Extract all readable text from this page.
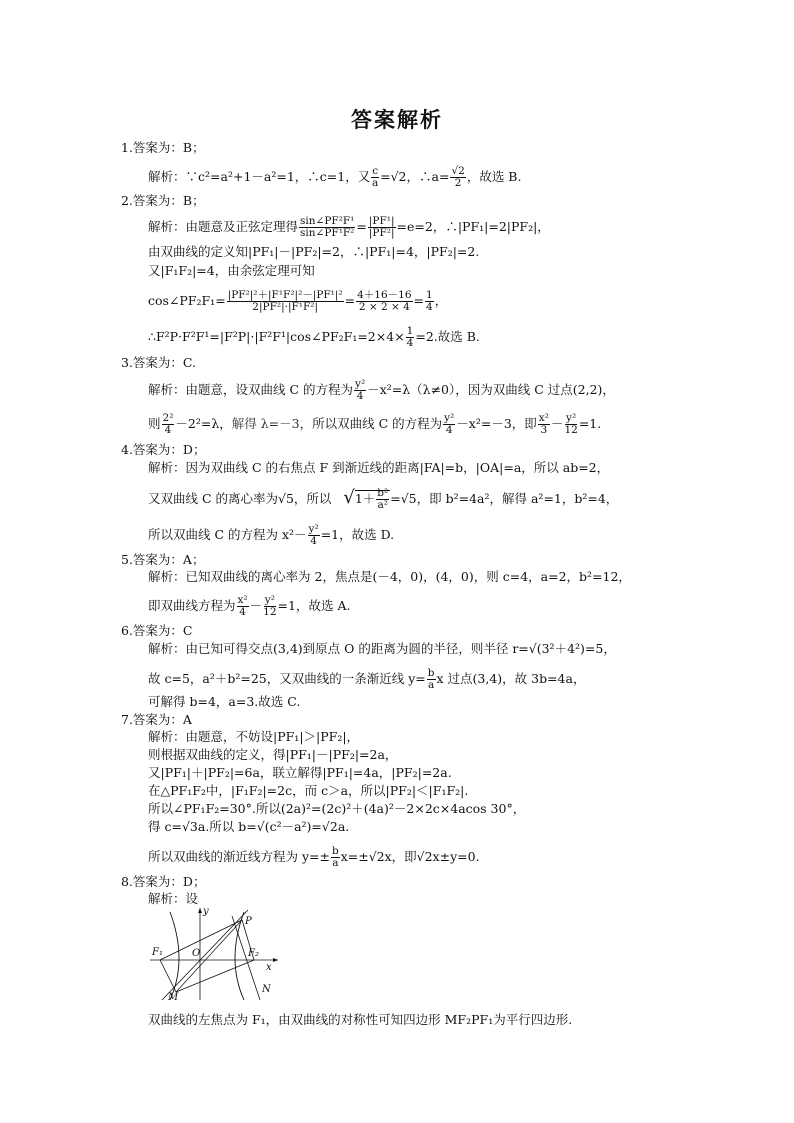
答案解析
1.答案为：B；
解析：∵c²=a²+1－a²=1，∴c=1，又 $\frac{c}{a} =√2$，∴a= $\frac{√2}{2}$ ，故选 B.
2.答案为：B；
解析：由题意及正弦定理得 $\frac{\text{sin∠PF²F¹}}{\text{sin∠PF¹F²}} = \frac{\text{|PF¹|}}{\text{|PF²|}} =e=2$，∴|PF₁|=2|PF₂|，
由双曲线的定义知|PF₁|－|PF₂|=2，∴|PF₁|=4，|PF₂|=2.
又|F₁F₂|=4，由余弦定理可知
cos∠PF₂F₁= $\frac{\text{|PF²|²＋|F¹F²|²－|PF¹|²}}{\text{2|PF²|·|F¹F²|}} = \frac{4+16-16}{2 \times 2 \times 4} = \frac{1}{4}$ ，
∴F²P·F²F¹=|F²P|·|F²F¹|cos∠PF₂F₁=2×4× $\frac{1}{4} =2$.故选 B.
3.答案为：C.
解析：由题意，设双曲线 C 的方程为 $\frac{\text{y²}}{4} -x^2=\lambda(\lambda\ne 0)$，因为双曲线 C 过点(2,2)，
则 $\frac{\text{2²}}{4} -2^2=\lambda$，解得 λ=－3，所以双曲线 C 的方程为 $\frac{\text{y²}}{4} -x^2=-3$，即 $\frac{\text{x²}}{3} - \frac{\text{y²}}{12} =1$.
4.答案为：D；
解析：因为双曲线 C 的右焦点 F 到渐近线的距离|FA|=b，|OA|=a，所以 ab=2，
又双曲线 C 的离心率为√5，所以 $√1+ \frac{\text{b²}}{\text{a²}} =√5$，即 b²=4a²，解得 a²=1，b²=4，
所以双曲线 C 的方程为 $x^2- \frac{\text{y²}}{4} =1$，故选 D.
5.答案为：A；
解析：已知双曲线的离心率为 2，焦点是(－4，0)，(4，0)，则 c=4，a=2，b²=12，
即双曲线方程为 $\frac{\text{x²}}{4} - \frac{\text{y²}}{12} =1$，故选 A.
6.答案为：C
解析：由已知可得交点(3,4)到原点 O 的距离为圆的半径，则半径 r=√(3²＋4²)=5，
故 c=5，a²＋b²=25，又双曲线的一条渐近线 $y= \frac{b}{a}$ x 过点(3,4)，故 3b=4a，
可解得 b=4，a=3.故选 C.
7.答案为：A
解析：由题意，不妨设|PF₁|＞|PF₂|，
则根据双曲线的定义，得|PF₁|－|PF₂|=2a，
又|PF₁|＋|PF₂|=6a，联立解得|PF₁|=4a，|PF₂|=2a.
在△PF₁F₂中，|F₁F₂|=2c，而 c＞a，所以|PF₂|＜|F₁F₂|.
所以∠PF₁F₂=30°.所以(2a)²=(2c)²＋(4a)²－2×2c×4acos 30°，
得 c=√3a.所以 b=√(c²－a²)=√2a.
所以双曲线的渐近线方程为 $y=\pm \frac{b}{a} x=\pm√2x$，即√2x±y=0.
8.答案为：D；
解析：设
y
P
F₁	O	F₂
x
M
N
双曲线的左焦点为 F₁，由双曲线的对称性可知四边形 MF₂PF₁为平行四边形.
